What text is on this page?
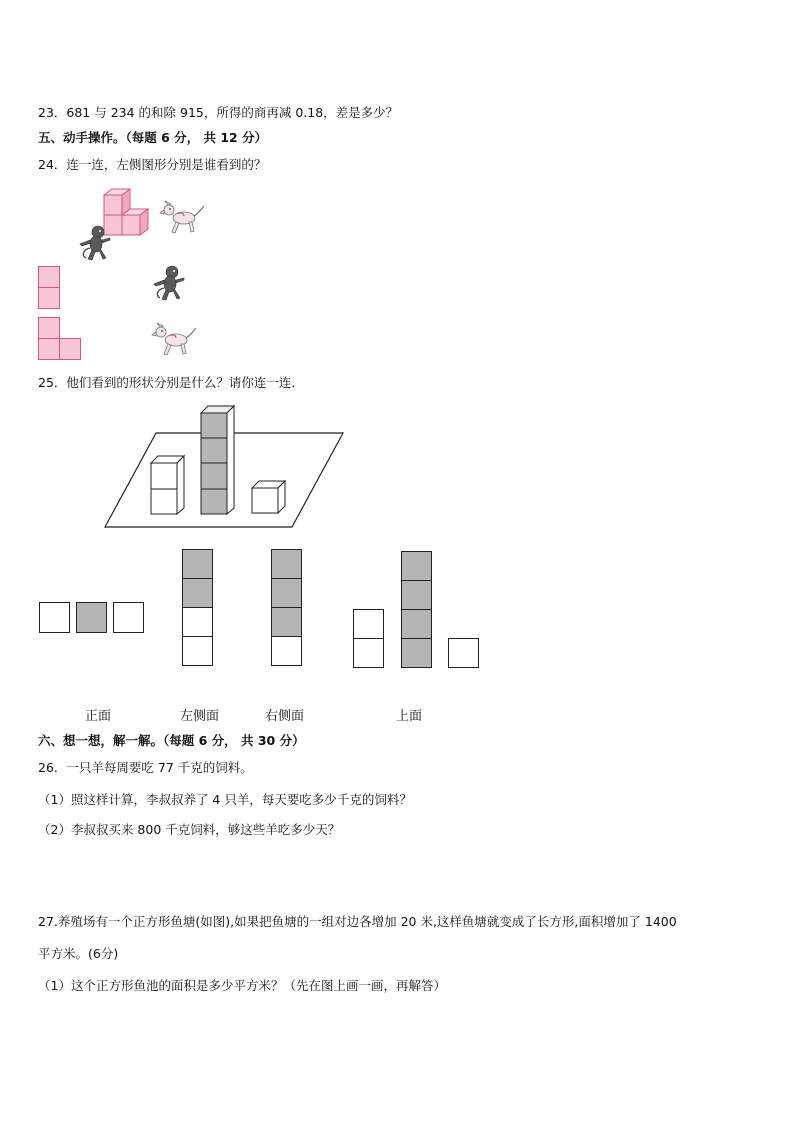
23．681 与 234 的和除 915，所得的商再减 0.18，差是多少？
五、动手操作。（每题 6 分， 共 12 分）
24．连一连，左侧图形分别是谁看到的？
25．他们看到的形状分别是什么？请你连一连．
正面	左侧面	右侧面	上面
六、想一想，解一解。（每题 6 分， 共 30 分）
26．一只羊每周要吃 77 千克的饲料。
（1）照这样计算，李叔叔养了 4 只羊，每天要吃多少千克的饲料？
（2）李叔叔买来 800 千克饲料，够这些羊吃多少天？
27.养殖场有一个正方形鱼塘(如图),如果把鱼塘的一组对边各增加 20 米,这样鱼塘就变成了长方形,面积增加了 1400
平方米。(6分)
（1）这个正方形鱼池的面积是多少平方米？（先在图上画一画，再解答）
